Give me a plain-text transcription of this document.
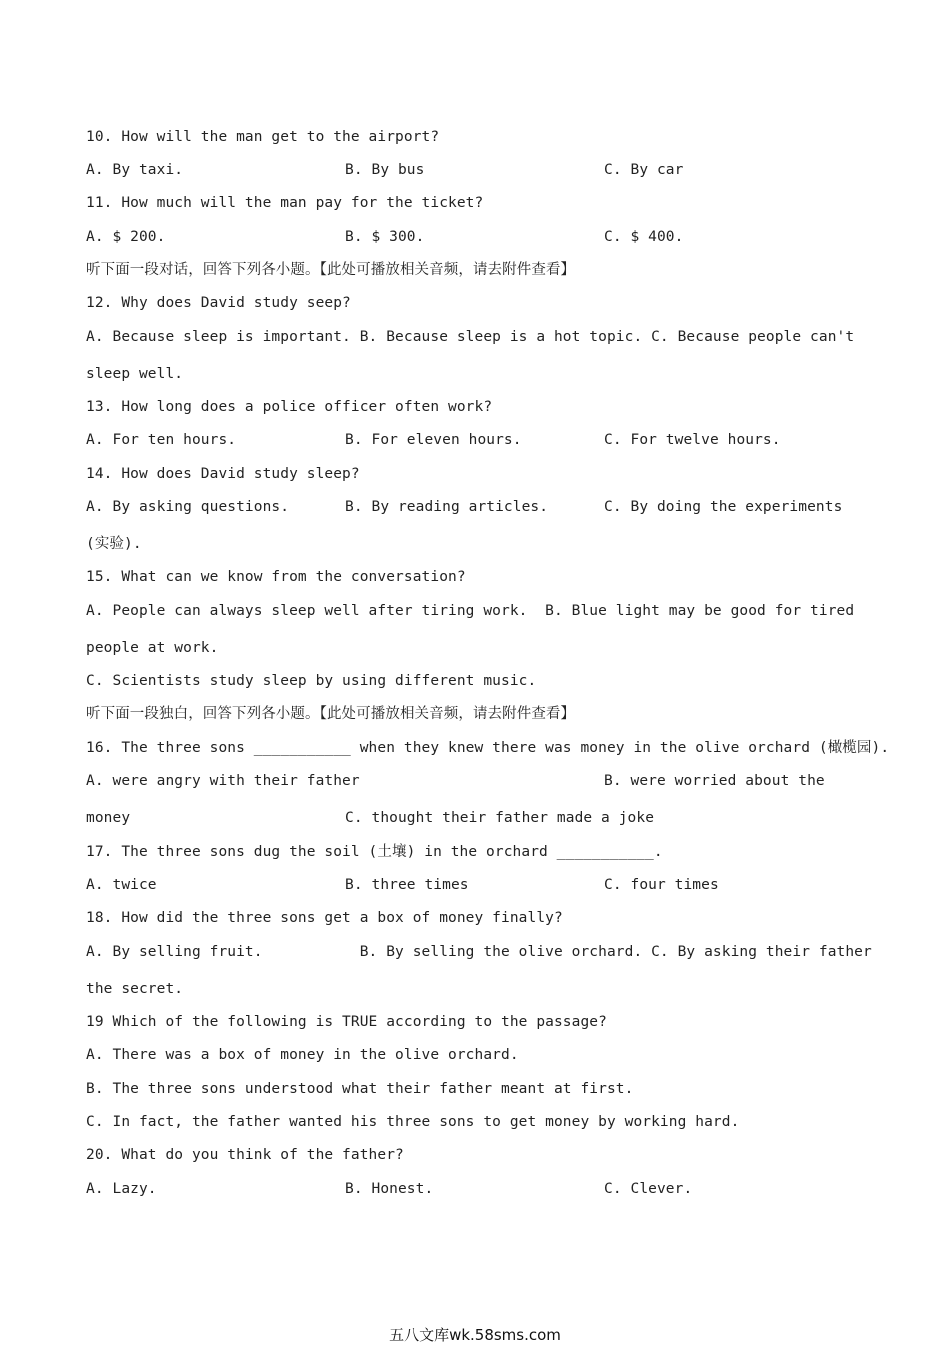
10. How will the man get to the airport?

A. By taxi.

	B. By bus

	C. By car

11. How much will the man pay for the ticket?

A. $ 200.

	B. $ 300.

	C. $ 400.

听下面一段对话，回答下列各小题。【此处可播放相关音频，请去附件查看】
12. Why does David study seep?
A. Because sleep is important. B. Because sleep is a hot topic. C. Because people can't
sleep well.
13. How long does a police officer often work?

A. For ten hours.

	B. For eleven hours.

	C. For twelve hours.

14. How does David study sleep?

A. By asking questions.

	B. By reading articles.

	C. By doing the experiments

(实验).
15. What can we know from the conversation?
A. People can always sleep well after tiring work.  B. Blue light may be good for tired
people at work.
C. Scientists study sleep by using different music.
听下面一段独白，回答下列各小题。【此处可播放相关音频，请去附件查看】
16. The three sons ___________ when they knew there was money in the olive orchard (橄榄园).

A. were angry with their father

	B. were worried about the

money

	C. thought their father made a joke

17. The three sons dug the soil (土壤) in the orchard ___________.

A. twice

	B. three times

	C. four times

18. How did the three sons get a box of money finally?
A. By selling fruit.           B. By selling the olive orchard. C. By asking their father
the secret.
19 Which of the following is TRUE according to the passage?
A. There was a box of money in the olive orchard.
B. The three sons understood what their father meant at first.
C. In fact, the father wanted his three sons to get money by working hard.
20. What do you think of the father?

A. Lazy.

	B. Honest.

	C. Clever.

五八文库wk.58sms.com
